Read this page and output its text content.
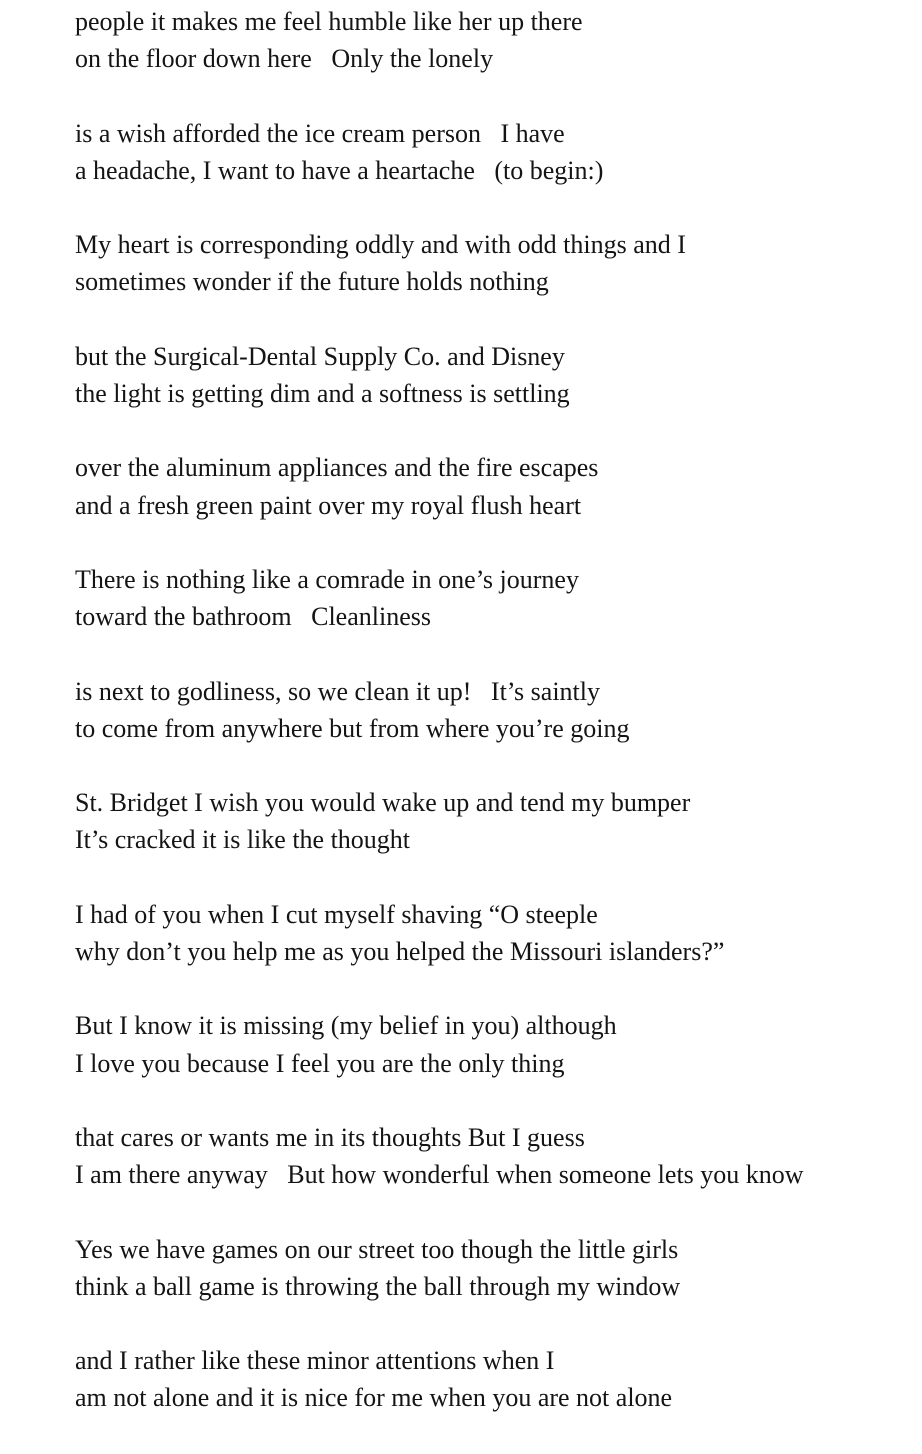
people it makes me feel humble like her up there
on the floor down here   Only the lonely
is a wish afforded the ice cream person   I have
a headache, I want to have a heartache   (to begin:)
My heart is corresponding oddly and with odd things and I
sometimes wonder if the future holds nothing
but the Surgical-Dental Supply Co. and Disney
the light is getting dim and a softness is settling
over the aluminum appliances and the fire escapes
and a fresh green paint over my royal flush heart
There is nothing like a comrade in one’s journey
toward the bathroom   Cleanliness
is next to godliness, so we clean it up!   It’s saintly
to come from anywhere but from where you’re going
St. Bridget I wish you would wake up and tend my bumper
It’s cracked it is like the thought
I had of you when I cut myself shaving “O steeple
why don’t you help me as you helped the Missouri islanders?”
But I know it is missing (my belief in you) although
I love you because I feel you are the only thing
that cares or wants me in its thoughts But I guess
I am there anyway   But how wonderful when someone lets you know
Yes we have games on our street too though the little girls
think a ball game is throwing the ball through my window
and I rather like these minor attentions when I
am not alone and it is nice for me when you are not alone
